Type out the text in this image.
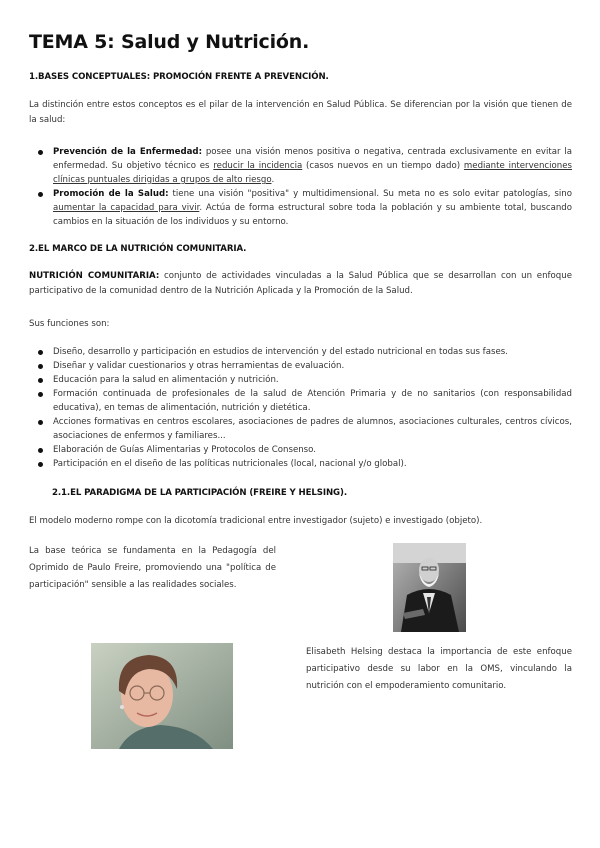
TEMA 5: Salud y Nutrición.
1.BASES CONCEPTUALES: PROMOCIÓN FRENTE A PREVENCIÓN.
La distinción entre estos conceptos es el pilar de la intervención en Salud Pública. Se diferencian por la visión que tienen de la salud:
Prevención de la Enfermedad: posee una visión menos positiva o negativa, centrada exclusivamente en evitar la enfermedad. Su objetivo técnico es reducir la incidencia (casos nuevos en un tiempo dado) mediante intervenciones clínicas puntuales dirigidas a grupos de alto riesgo.
Promoción de la Salud: tiene una visión "positiva" y multidimensional. Su meta no es solo evitar patologías, sino aumentar la capacidad para vivir. Actúa de forma estructural sobre toda la población y su ambiente total, buscando cambios en la situación de los individuos y su entorno.
2.EL MARCO DE LA NUTRICIÓN COMUNITARIA.
NUTRICIÓN COMUNITARIA: conjunto de actividades vinculadas a la Salud Pública que se desarrollan con un enfoque participativo de la comunidad dentro de la Nutrición Aplicada y la Promoción de la Salud.
Sus funciones son:
Diseño, desarrollo y participación en estudios de intervención y del estado nutricional en todas sus fases.
Diseñar y validar cuestionarios y otras herramientas de evaluación.
Educación para la salud en alimentación y nutrición.
Formación continuada de profesionales de la salud de Atención Primaria y de no sanitarios (con responsabilidad educativa), en temas de alimentación, nutrición y dietética.
Acciones formativas en centros escolares, asociaciones de padres de alumnos, asociaciones culturales, centros cívicos, asociaciones de enfermos y familiares...
Elaboración de Guías Alimentarias y Protocolos de Consenso.
Participación en el diseño de las políticas nutricionales (local, nacional y/o global).
2.1.EL PARADIGMA DE LA PARTICIPACIÓN (FREIRE Y HELSING).
El modelo moderno rompe con la dicotomía tradicional entre investigador (sujeto) e investigado (objeto).
La base teórica se fundamenta en la Pedagogía del Oprimido de Paulo Freire, promoviendo una "política de participación" sensible a las realidades sociales.
Elisabeth Helsing destaca la importancia de este enfoque participativo desde su labor en la OMS, vinculando la nutrición con el empoderamiento comunitario.
